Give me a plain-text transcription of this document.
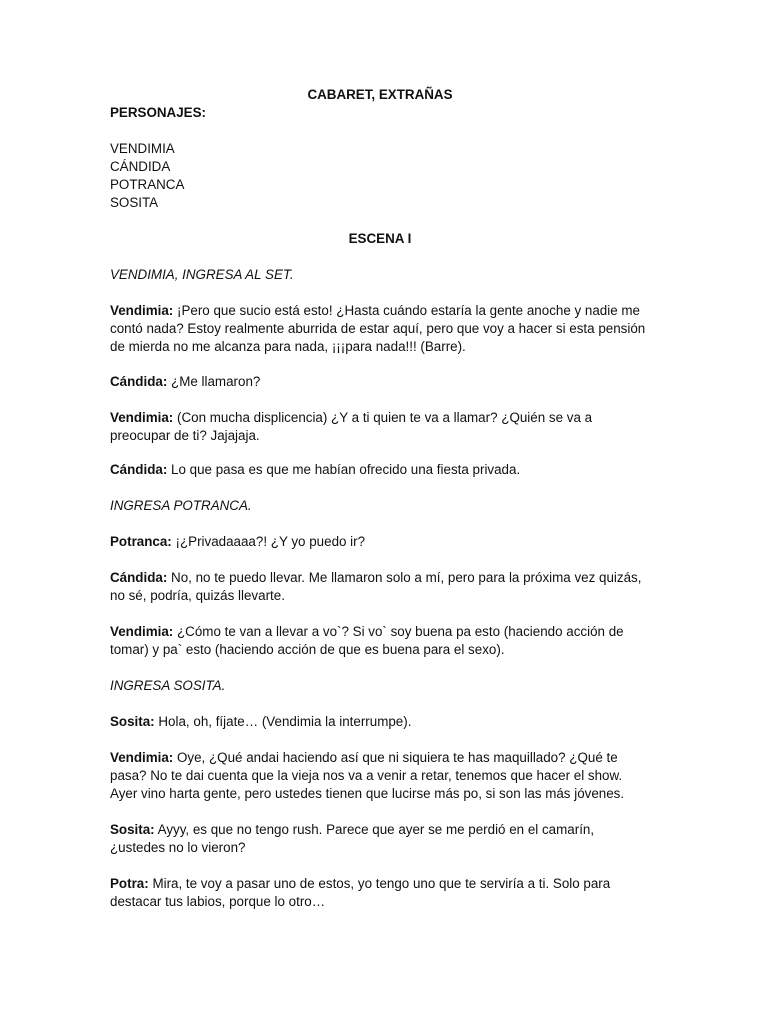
CABARET, EXTRAÑAS

PERSONAJES:

VENDIMIA
CÁNDIDA
POTRANCA
SOSITA

ESCENA I

VENDIMIA, INGRESA AL SET.

Vendimia: ¡Pero que sucio está esto! ¿Hasta cuándo estaría la gente anoche y nadie me contó nada? Estoy realmente aburrida de estar aquí, pero que voy a hacer si esta pensión de mierda no me alcanza para nada, ¡¡¡para nada!!! (Barre).

Cándida: ¿Me llamaron?

Vendimia: (Con mucha displicencia) ¿Y a ti quien te va a llamar? ¿Quién se va a preocupar de ti? Jajajaja.

Cándida: Lo que pasa es que me habían ofrecido una fiesta privada.

INGRESA POTRANCA.

Potranca: ¡¿Privadaaaa?! ¿Y yo puedo ir?

Cándida: No, no te puedo llevar. Me llamaron solo a mí, pero para la próxima vez quizás, no sé, podría, quizás llevarte.

Vendimia: ¿Cómo te van a llevar a vo`? Si vo` soy buena pa esto (haciendo acción de tomar) y pa` esto (haciendo acción de que es buena para el sexo).

INGRESA SOSITA.

Sosita: Hola, oh, fíjate… (Vendimia la interrumpe).

Vendimia: Oye, ¿Qué andai haciendo así que ni siquiera te has maquillado? ¿Qué te pasa? No te dai cuenta que la vieja nos va a venir a retar, tenemos que hacer el show. Ayer vino harta gente, pero ustedes tienen que lucirse más po, si son las más jóvenes.

Sosita: Ayyy, es que no tengo rush. Parece que ayer se me perdió en el camarín, ¿ustedes no lo vieron?

Potra: Mira, te voy a pasar uno de estos, yo tengo uno que te serviría a ti. Solo para destacar tus labios, porque lo otro…
